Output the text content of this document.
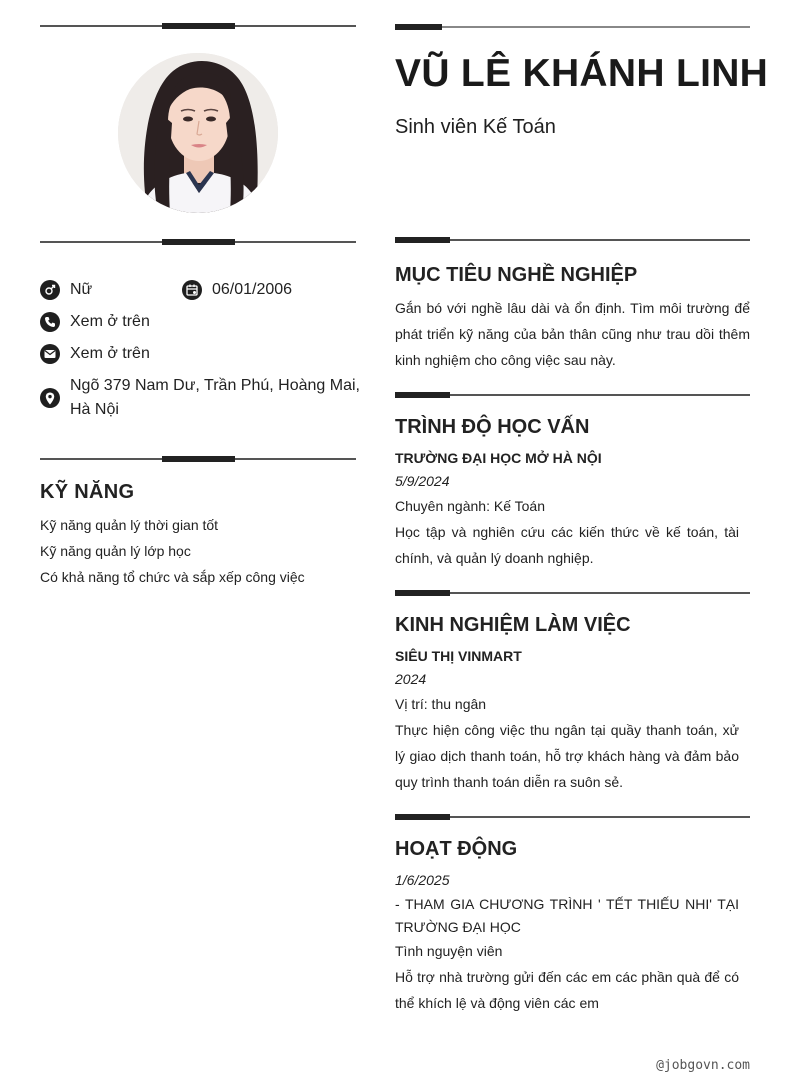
Nữ	06/01/2006
Xem ở trên
Xem ở trên
Ngõ 379 Nam Dư, Trần Phú, Hoàng Mai,
Hà Nội
KỸ NĂNG
Kỹ năng quản lý thời gian tốt
Kỹ năng quản lý lớp học
Có khả năng tổ chức và sắp xếp công việc
VŨ LÊ KHÁNH LINH
Sinh viên Kế Toán
MỤC TIÊU NGHỀ NGHIỆP
Gắn bó với nghề lâu dài và ổn định. Tìm môi trường để phát triển kỹ năng của bản thân cũng như trau dồi thêm kinh nghiệm cho công việc sau này.
TRÌNH ĐỘ HỌC VẤN
TRƯỜNG ĐẠI HỌC MỞ HÀ NỘI
5/9/2024
Chuyên ngành: Kế Toán
Học tập và nghiên cứu các kiến thức về kế toán, tài chính, và quản lý doanh nghiệp.
KINH NGHIỆM LÀM VIỆC
SIÊU THỊ VINMART
2024
Vị trí: thu ngân
Thực hiện công việc thu ngân tại quầy thanh toán, xử lý giao dịch thanh toán, hỗ trợ khách hàng và đảm bảo quy trình thanh toán diễn ra suôn sẻ.
HOẠT ĐỘNG
1/6/2025
- THAM GIA CHƯƠNG TRÌNH ' TẾT THIẾU NHI' TẠI TRƯỜNG ĐẠI HỌC
Tình nguyện viên
Hỗ trợ nhà trường gửi đến các em các phần quà để có thể khích lệ và động viên các em
@jobgovn.com
